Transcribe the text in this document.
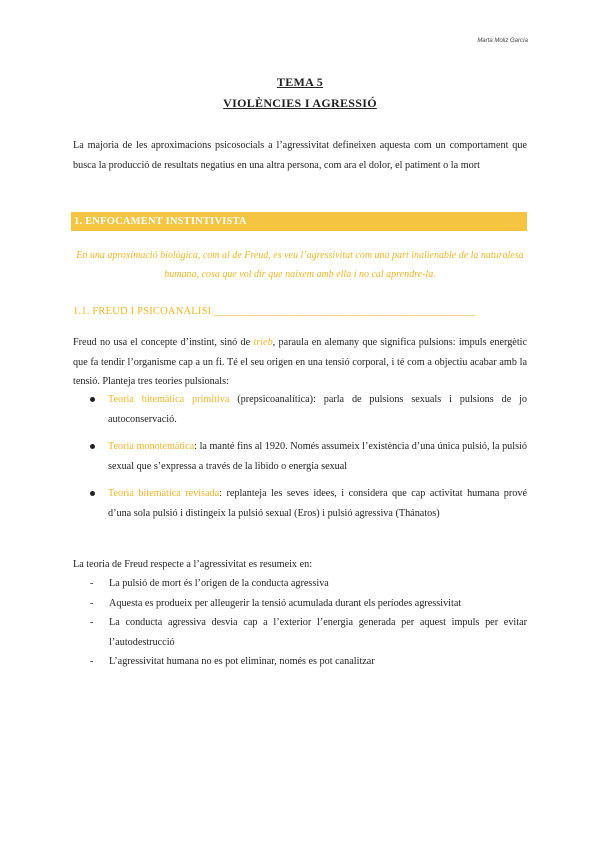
Marta Moliz García
TEMA 5
VIOLÈNCIES I AGRESSIÓ

La majoria de les aproximacions psicosocials a l’agressivitat defineixen aquesta com un comportament que busca la producció de resultats negatius en una altra persona, com ara el dolor, el patiment o la mort

1. ENFOCAMENT INSTINTIVISTA

En una aproximació biològica, com al de Freud, es veu l’agressivitat com una part inalienable de la naturalesa humana, cosa que vol dir que naixem amb ella i no cal aprendre-la.

1.1. FREUD I PSICOANÀLISI ________________________________________________

Freud no usa el concepte d’instint, sinó de trieb, paraula en alemany que significa pulsions: impuls energètic que fa tendir l’organisme cap a un fi. Té el seu origen en una tensió corporal, i té com a objectiu acabar amb la tensió. Planteja tres teories pulsionals:

Teoria bitemàtica primitiva (prepsicoanalítica): parla de pulsions sexuals i pulsions de jo autoconservació.
Teoria monotemàtica: la manté fins al 1920. Només assumeix l’existència d’una única pulsió, la pulsió sexual que s’expressa a través de la libido o energia sexual
Teoria bitemàtica revisada: replanteja les seves idees, i considera que cap activitat humana prové d’una sola pulsió i distingeix la pulsió sexual (Eros) i pulsió agressiva (Thánatos)

La teoria de Freud respecte a l’agressivitat es resumeix en:

- La pulsió de mort és l’origen de la conducta agressiva
- Aquesta es produeix per alleugerir la tensió acumulada durant els períodes agressivitat
- La conducta agressiva desvia cap a l’exterior l’energia generada per aquest impuls per evitar l’autodestrucció
- L’agressivitat humana no es pot eliminar, només es pot canalitzar
